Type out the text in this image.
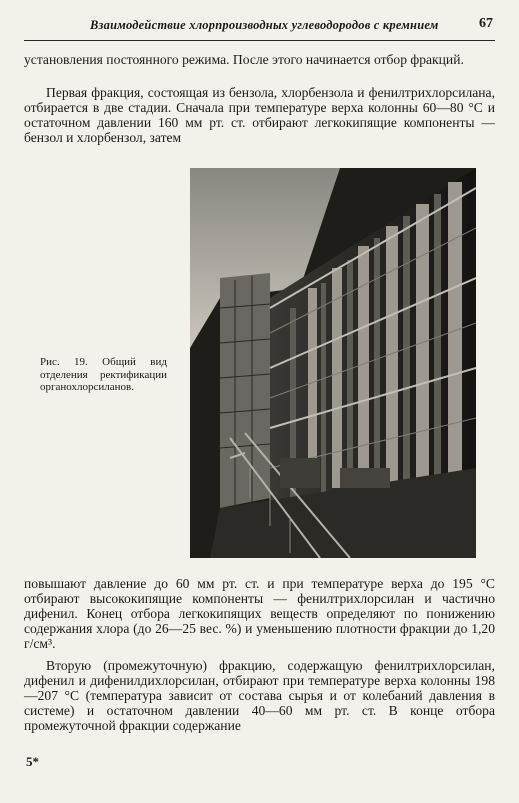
Взаимодействие хлорпроизводных углеводородов с кремнием	67
установления постоянного режима. После этого начинается отбор фракций.
Первая фракция, состоящая из бензола, хлорбензола и фенилтрихлорсилана, отбирается в две стадии. Сначала при температуре верха колонны 60—80 °C и остаточном давлении 160 мм рт. ст. отбирают легкокипящие компоненты — бензол и хлорбензол, затем
Рис. 19. Общий вид отделения ректификации органохлорсиланов.
повышают давление до 60 мм рт. ст. и при температуре верха до 195 °C отбирают высококипящие компоненты — фенилтрихлорсилан и частично дифенил. Конец отбора легкокипящих веществ определяют по понижению содержания хлора (до 26—25 вес. %) и уменьшению плотности фракции до 1,20 г/см³.
Вторую (промежуточную) фракцию, содержащую фенилтрихлорсилан, дифенил и дифенилдихлорсилан, отбирают при температуре верха колонны 198—207 °C (температура зависит от состава сырья и от колебаний давления в системе) и остаточном давлении 40—60 мм рт. ст. В конце отбора промежуточной фракции содержание
5*
